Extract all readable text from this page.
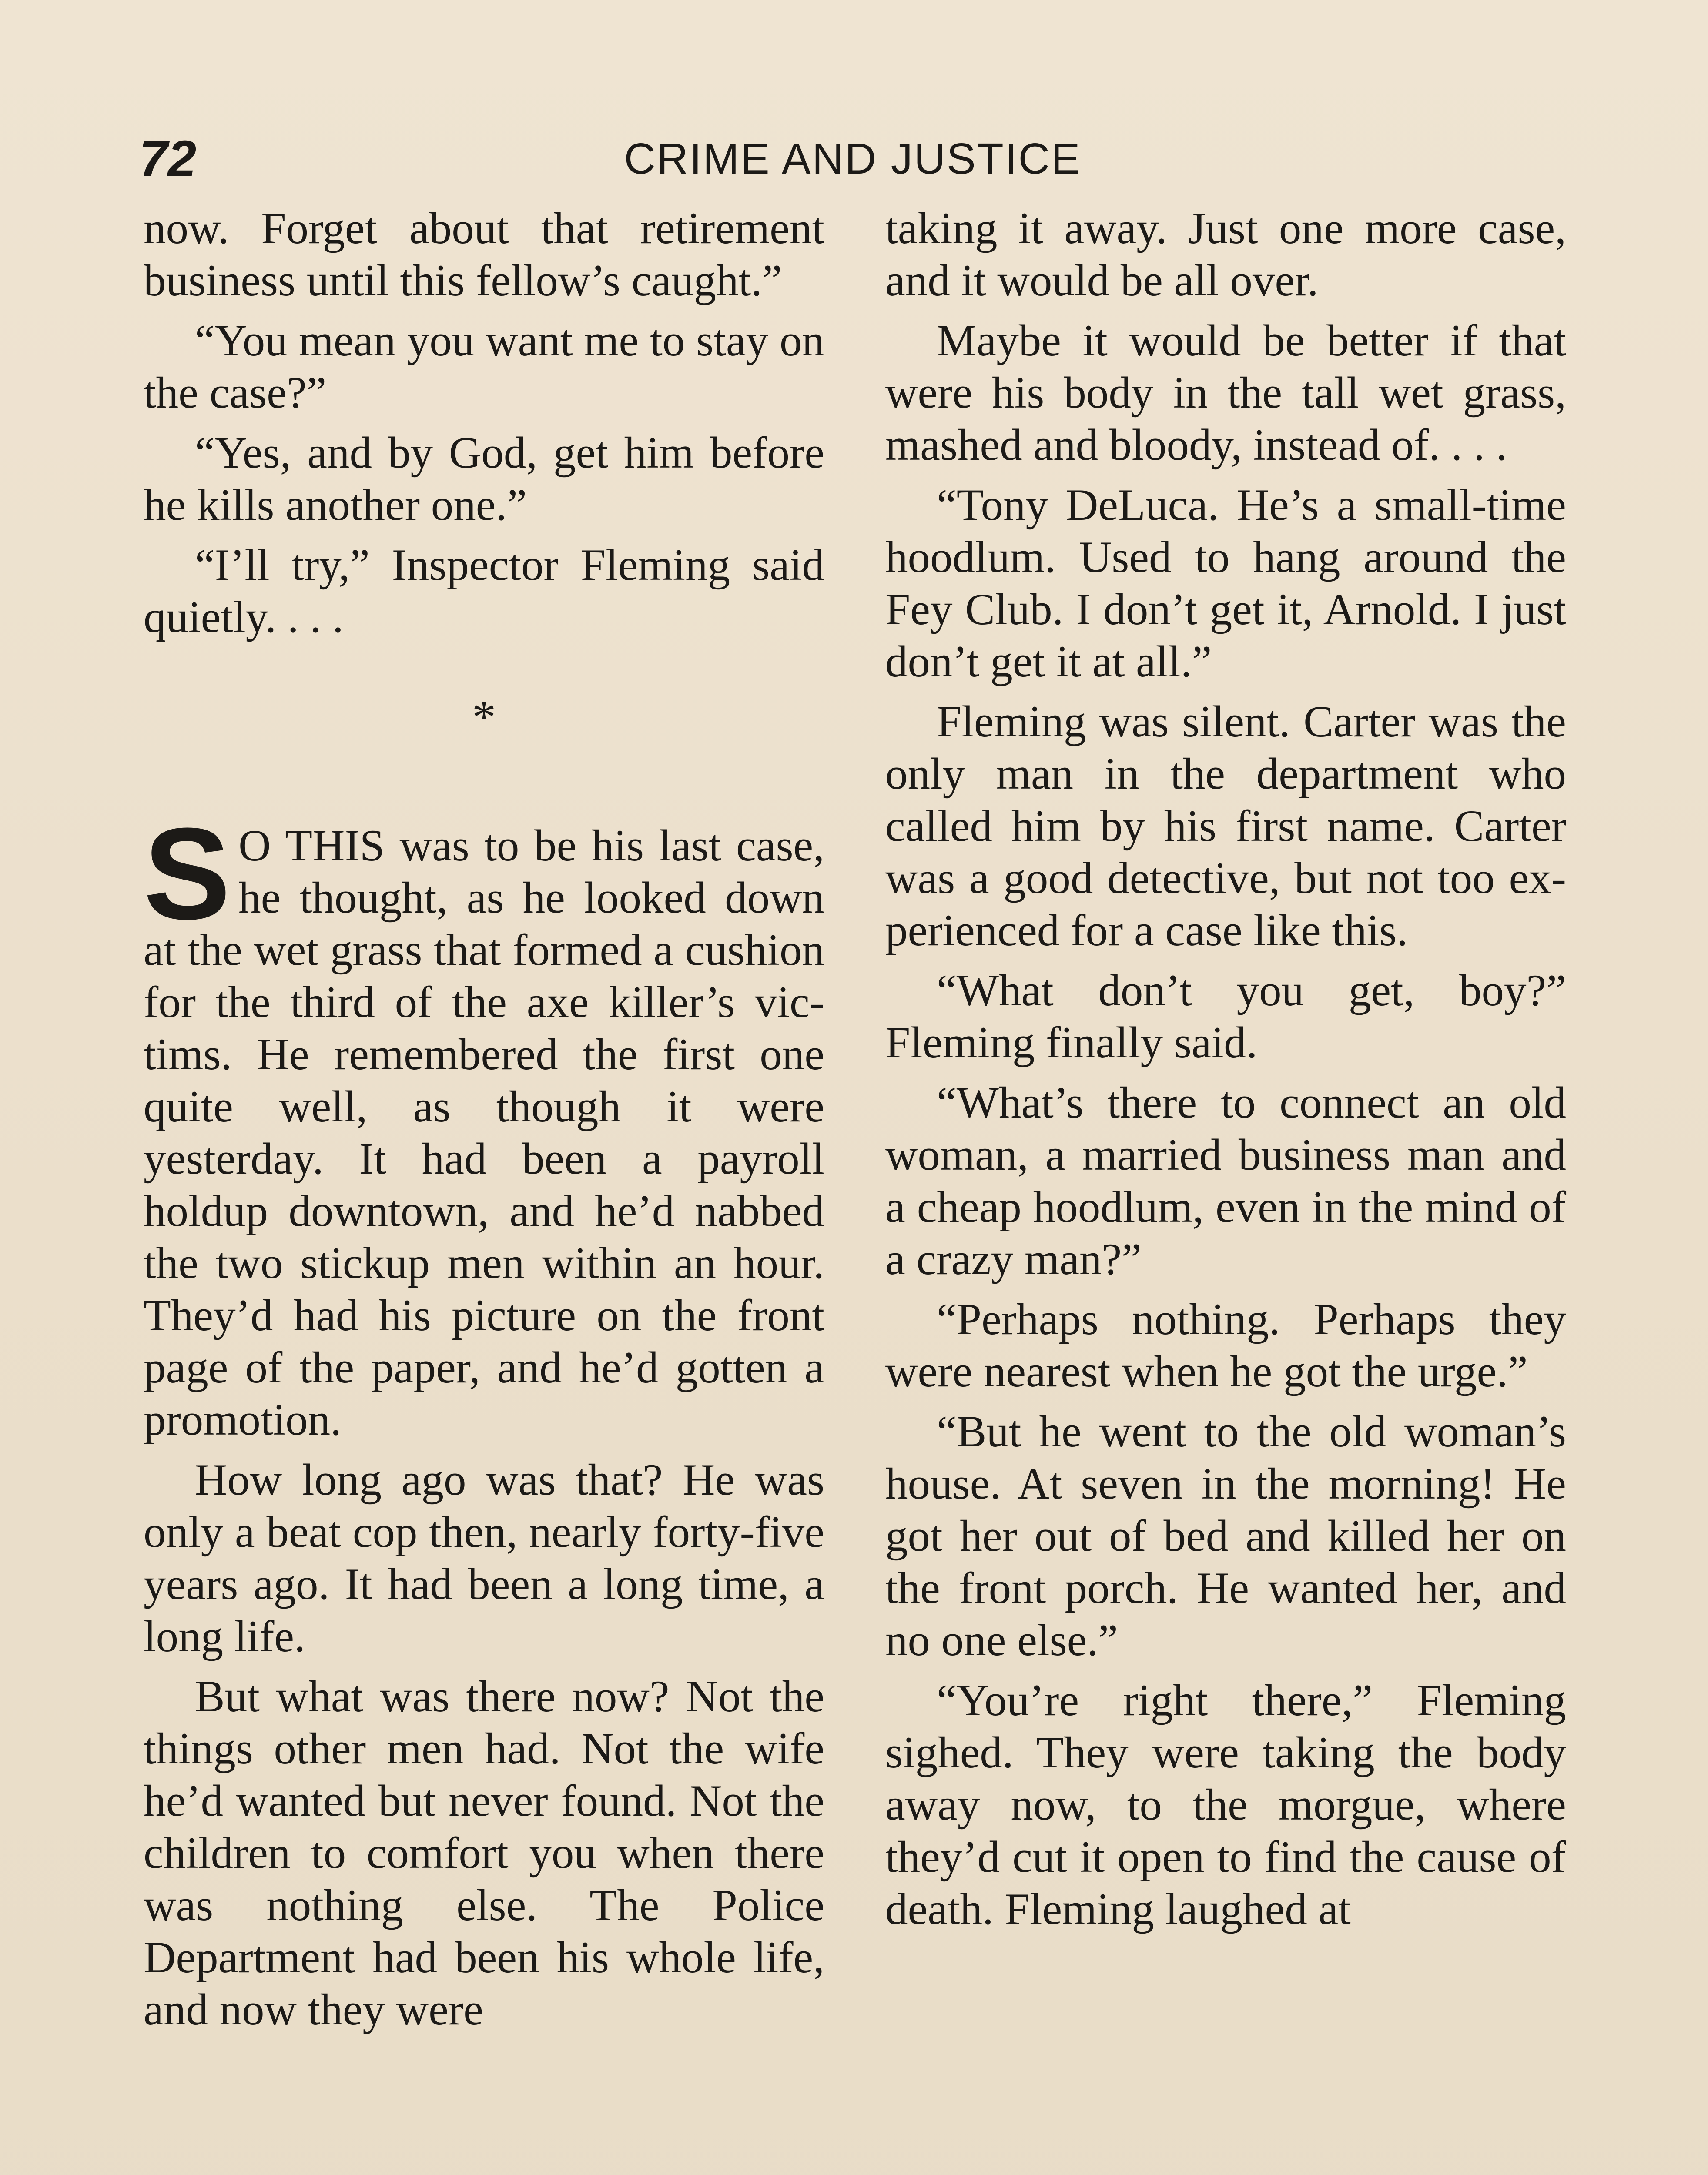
72	CRIME AND JUSTICE

now. Forget about that retirement business until this fellow’s caught.”

“You mean you want me to stay on the case?”

“Yes, and by God, get him before he kills another one.”

“I’ll try,” Inspector Fleming said quietly. . . .

*

S O THIS was to be his last case, he thought, as he looked down at the wet grass that formed a cushion for the third of the axe killer’s victims. He remembered the first one quite well, as though it were yesterday. It had been a payroll holdup downtown, and he’d nabbed the two stickup men within an hour. They’d had his picture on the front page of the paper, and he’d gotten a promotion.

How long ago was that? He was only a beat cop then, nearly forty-five years ago. It had been a long time, a long life.

But what was there now? Not the things other men had. Not the wife he’d wanted but never found. Not the children to comfort you when there was nothing else. The Police Department had been his whole life, and now they were

taking it away. Just one more case, and it would be all over.

Maybe it would be better if that were his body in the tall wet grass, mashed and bloody, instead of. . . .

“Tony DeLuca. He’s a small-time hoodlum. Used to hang around the Fey Club. I don’t get it, Arnold. I just don’t get it at all.”

Fleming was silent. Carter was the only man in the department who called him by his first name. Carter was a good detective, but not too experienced for a case like this.

“What don’t you get, boy?” Fleming finally said.

“What’s there to connect an old woman, a married business man and a cheap hoodlum, even in the mind of a crazy man?”

“Perhaps nothing. Perhaps they were nearest when he got the urge.”

“But he went to the old woman’s house. At seven in the morning! He got her out of bed and killed her on the front porch. He wanted her, and no one else.”

“You’re right there,” Fleming sighed. They were taking the body away now, to the morgue, where they’d cut it open to find the cause of death. Fleming laughed at
